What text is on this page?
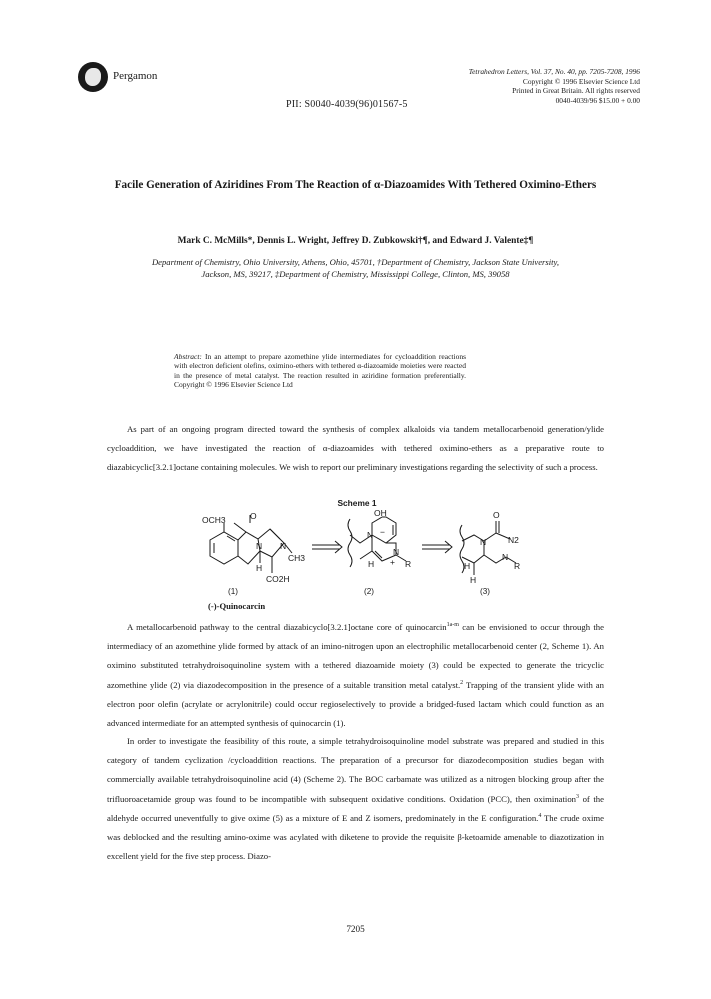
Pergamon	Tetrahedron Letters, Vol. 37, No. 40, pp. 7205-7208, 1996
Copyright © 1996 Elsevier Science Ltd
Printed in Great Britain. All rights reserved
0040-4039/96 $15.00 + 0.00
PII: S0040-4039(96)01567-5
Facile Generation of Aziridines From The Reaction of α-Diazoamides With Tethered Oximino-Ethers
Mark C. McMills*, Dennis L. Wright, Jeffrey D. Zubkowski†¶, and Edward J. Valente‡¶
Department of Chemistry, Ohio University, Athens, Ohio, 45701, †Department of Chemistry, Jackson State University,
Jackson, MS, 39217, ‡Department of Chemistry, Mississippi College, Clinton, MS, 39058
Abstract: In an attempt to prepare azomethine ylide intermediates for cycloaddition reactions with electron deficient olefins, oximino-ethers with tethered α-diazoamide moieties were reacted in the presence of metal catalyst. The reaction resulted in aziridine formation preferentially. Copyright © 1996 Elsevier Science Ltd
As part of an ongoing program directed toward the synthesis of complex alkaloids via tandem metallocarbenoid generation/ylide cycloaddition, we have investigated the reaction of α-diazoamides with tethered oximino-ethers as a preparative route to diazabicyclic[3.2.1]octane containing molecules. We wish to report our preliminary investigations regarding the selectivity of such a process.
Scheme 1
OCH3	O
N N
CH3
H
CO2H
OH
N −
N
+ R
H
O
N	N2
N
R
H
H
(1)	(2)	(3)
(-)-Quinocarcin
A metallocarbenoid pathway to the central diazabicyclo[3.2.1]octane core of quinocarcin$^{1a-m}$ can be envisioned to occur through the intermediacy of an azomethine ylide formed by attack of an imino-nitrogen upon an electrophilic metallocarbenoid center (2, Scheme 1). An oximino substituted tetrahydroisoquinoline system with a tethered diazoamide moiety (3) could be expected to generate the tricyclic azomethine ylide (2) via diazodecomposition in the presence of a suitable transition metal catalyst.$^2$ Trapping of the transient ylide with an electron poor olefin (acrylate or acrylonitrile) could occur regioselectively to provide a bridged-fused lactam which could function as an advanced intermediate for an attempted synthesis of quinocarcin (1).
In order to investigate the feasibility of this route, a simple tetrahydroisoquinoline model substrate was prepared and studied in this category of tandem cyclization /cycloaddition reactions. The preparation of a precursor for diazodecomposition studies began with commercially available tetrahydroisoquinoline acid (4) (Scheme 2). The BOC carbamate was utilized as a nitrogen blocking group after the trifluoroacetamide group was found to be incompatible with subsequent oxidative conditions. Oxidation (PCC), then oximination$^3$ of the aldehyde occurred uneventfully to give oxime (5) as a mixture of E and Z isomers, predominately in the E configuration.$^4$ The crude oxime was deblocked and the resulting amino-oxime was acylated with diketene to provide the requisite β-ketoamide amenable to diazotization in excellent yield for the five step process. Diazo-
7205
